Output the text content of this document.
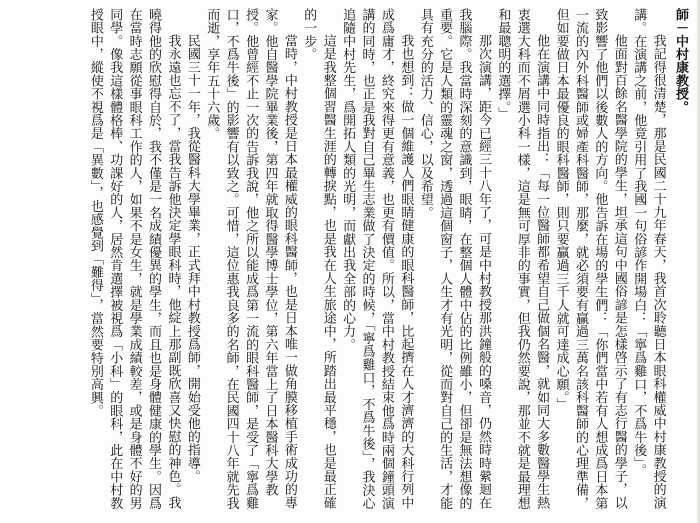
師－中村康教授。

我記得很清楚，那是民國二十九年春天，我首次聆聽日本眼科權威中村康教授的演講。在演講之前，他竟引用了我國一句俗諺作開場白：「寧爲雞口，不爲牛後」。

他面對百餘名醫學院的學生，坦承這句中國俗諺是怎樣啓示了有志行醫的學子，以致影響了他們以後數人的方向。他告訴在場的學生們：「你們當中若有人想成爲日本第一流的內外科醫師或婦產科醫師，那麼，就必須要有贏過三萬名該科醫師的心理準備，但如要做日本最優良的眼科醫師，則只要贏過三千人就可達成心願。」

他在演講中同時指出：「每一位醫師都希望自己做個名醫，就如同大多數醫學生熱衷選大科而不屑選小科一樣，這是無可厚非的事實，但我仍然要說，那並不就是最理想和最聰明的選擇。」

那次演講，距今已經三十八年了，可是中村教授那洪鐘般的嗓音，仍然時時縈迴在我腦際。我當時深刻的意識到，眼睛，在整個人體中佔的比例雖小，但卻是無法想像的重要。它是人類的靈魂之窗，透過這個窗子，人生才有光明，從而對自己的生活，才能具有充分的活力、信心，以及希望。

我也想到：做一個維護人們眼睛健康的眼科醫師，比起擠在人才濟濟的大科行列中成爲庸才，終究來得更有意義，也更有價值。所以，當中村教授結束他爲時兩個鐘頭演講的同時，也正是我對自己畢生志業做了決定的時候，「寧爲雞口，不爲牛後」，我決心追隨中村先生，爲開拓人類的光明，而獻出我全部的心力。

這是我整個習醫生涯的轉捩點，也是我在人生旅途中，所踏出最平穩，也是最正確的一步。

當時，中村教授是日本最權威的眼科醫師，也是日本唯一做角膜移植手術成功的專家。他自醫學院畢業後，第四年就取得醫學博士學位，第六年當上了日本醫科大學教授。他曾經不止一次的告訴我說，他之所以能成爲第一流的眼科醫師，是受了「寧爲雞口，不爲牛後」的影響有以致之。可惜，這位惠我良多的名師，在民國四十八年就先我而逝，享年五十六歲。

民國三十一年，我從醫科大學畢業，正式拜中村教授爲師，開始受他的指導。

我永遠也忘不了，當我告訴他決定學眼科時，他綻上那副既欣喜又快慰的神色。我曉得他的欣慰得自於，我不僅是一名成績優異的學生，而且也是身體健康的學生。因爲在當時志願從事眼科工作的人，如果不是女生，就是學業成績較差，或是身體不好的男同學。像我這樣體格棒、功課好的人，居然肯選擇被視爲「小科」的眼科，此在中村教授眼中，縱使不視爲是「異數」，也感覺到「難得」，當然要特別高興。
